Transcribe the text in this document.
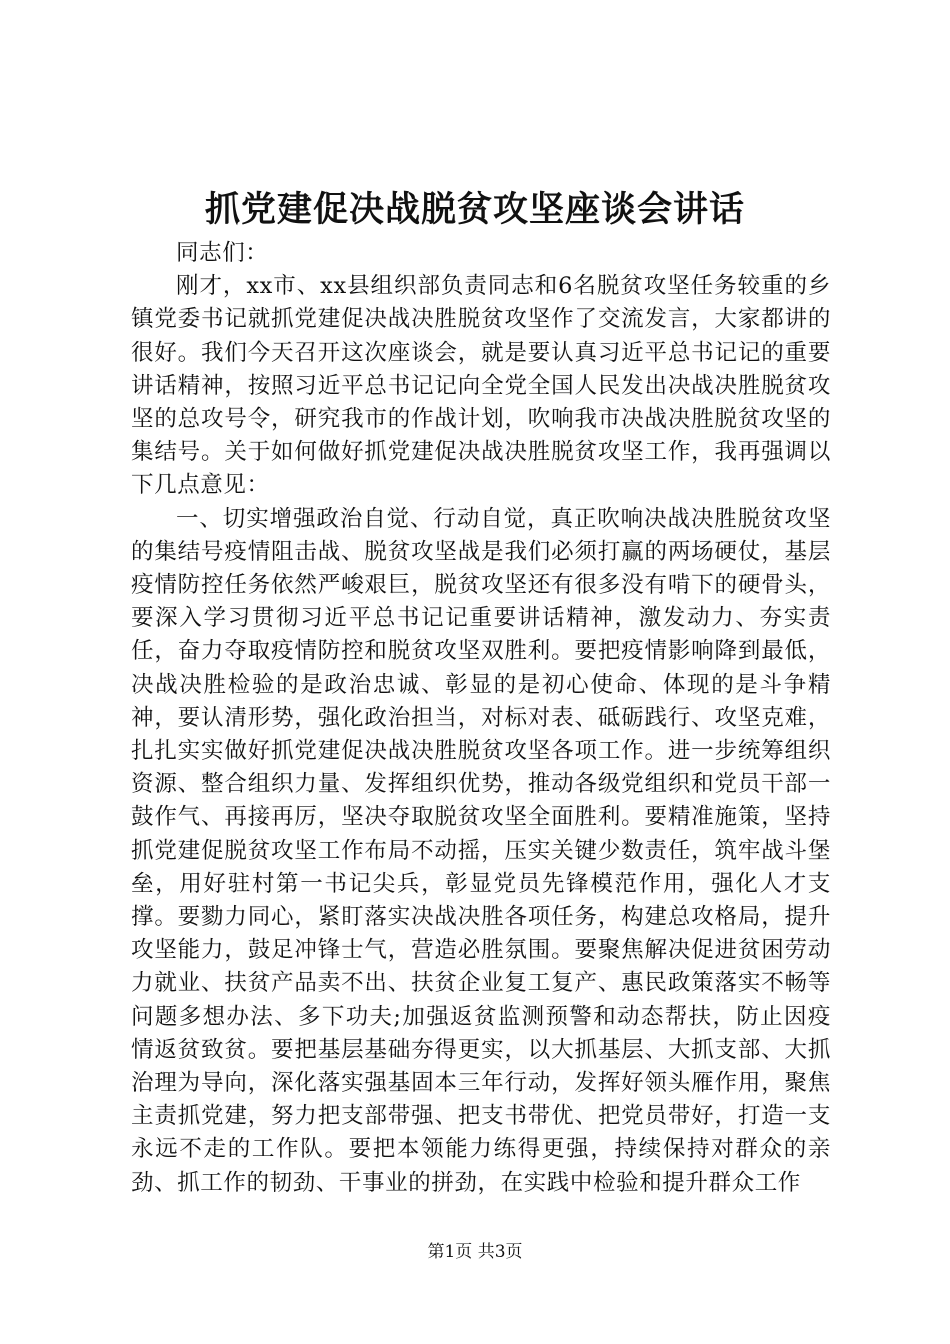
抓党建促决战脱贫攻坚座谈会讲话

同志们：

刚才，xx市、xx县组织部负责同志和6名脱贫攻坚任务较重的乡镇党委书记就抓党建促决战决胜脱贫攻坚作了交流发言，大家都讲的很好。我们今天召开这次座谈会，就是要认真习近平总书记记的重要讲话精神，按照习近平总书记记向全党全国人民发出决战决胜脱贫攻坚的总攻号令，研究我市的作战计划，吹响我市决战决胜脱贫攻坚的集结号。关于如何做好抓党建促决战决胜脱贫攻坚工作，我再强调以下几点意见：

一、切实增强政治自觉、行动自觉，真正吹响决战决胜脱贫攻坚的集结号疫情阻击战、脱贫攻坚战是我们必须打赢的两场硬仗，基层疫情防控任务依然严峻艰巨，脱贫攻坚还有很多没有啃下的硬骨头，要深入学习贯彻习近平总书记记重要讲话精神，激发动力、夯实责任，奋力夺取疫情防控和脱贫攻坚双胜利。要把疫情影响降到最低，决战决胜检验的是政治忠诚、彰显的是初心使命、体现的是斗争精神，要认清形势，强化政治担当，对标对表、砥砺践行、攻坚克难，扎扎实实做好抓党建促决战决胜脱贫攻坚各项工作。进一步统筹组织资源、整合组织力量、发挥组织优势，推动各级党组织和党员干部一鼓作气、再接再厉，坚决夺取脱贫攻坚全面胜利。要精准施策，坚持抓党建促脱贫攻坚工作布局不动摇，压实关键少数责任，筑牢战斗堡垒，用好驻村第一书记尖兵，彰显党员先锋模范作用，强化人才支撑。要勠力同心，紧盯落实决战决胜各项任务，构建总攻格局，提升攻坚能力，鼓足冲锋士气，营造必胜氛围。要聚焦解决促进贫困劳动力就业、扶贫产品卖不出、扶贫企业复工复产、惠民政策落实不畅等问题多想办法、多下功夫;加强返贫监测预警和动态帮扶，防止因疫情返贫致贫。要把基层基础夯得更实，以大抓基层、大抓支部、大抓治理为导向，深化落实强基固本三年行动，发挥好领头雁作用，聚焦主责抓党建，努力把支部带强、把支书带优、把党员带好，打造一支永远不走的工作队。要把本领能力练得更强，持续保持对群众的亲劲、抓工作的韧劲、干事业的拼劲，在实践中检验和提升群众工作

第1页 共3页
